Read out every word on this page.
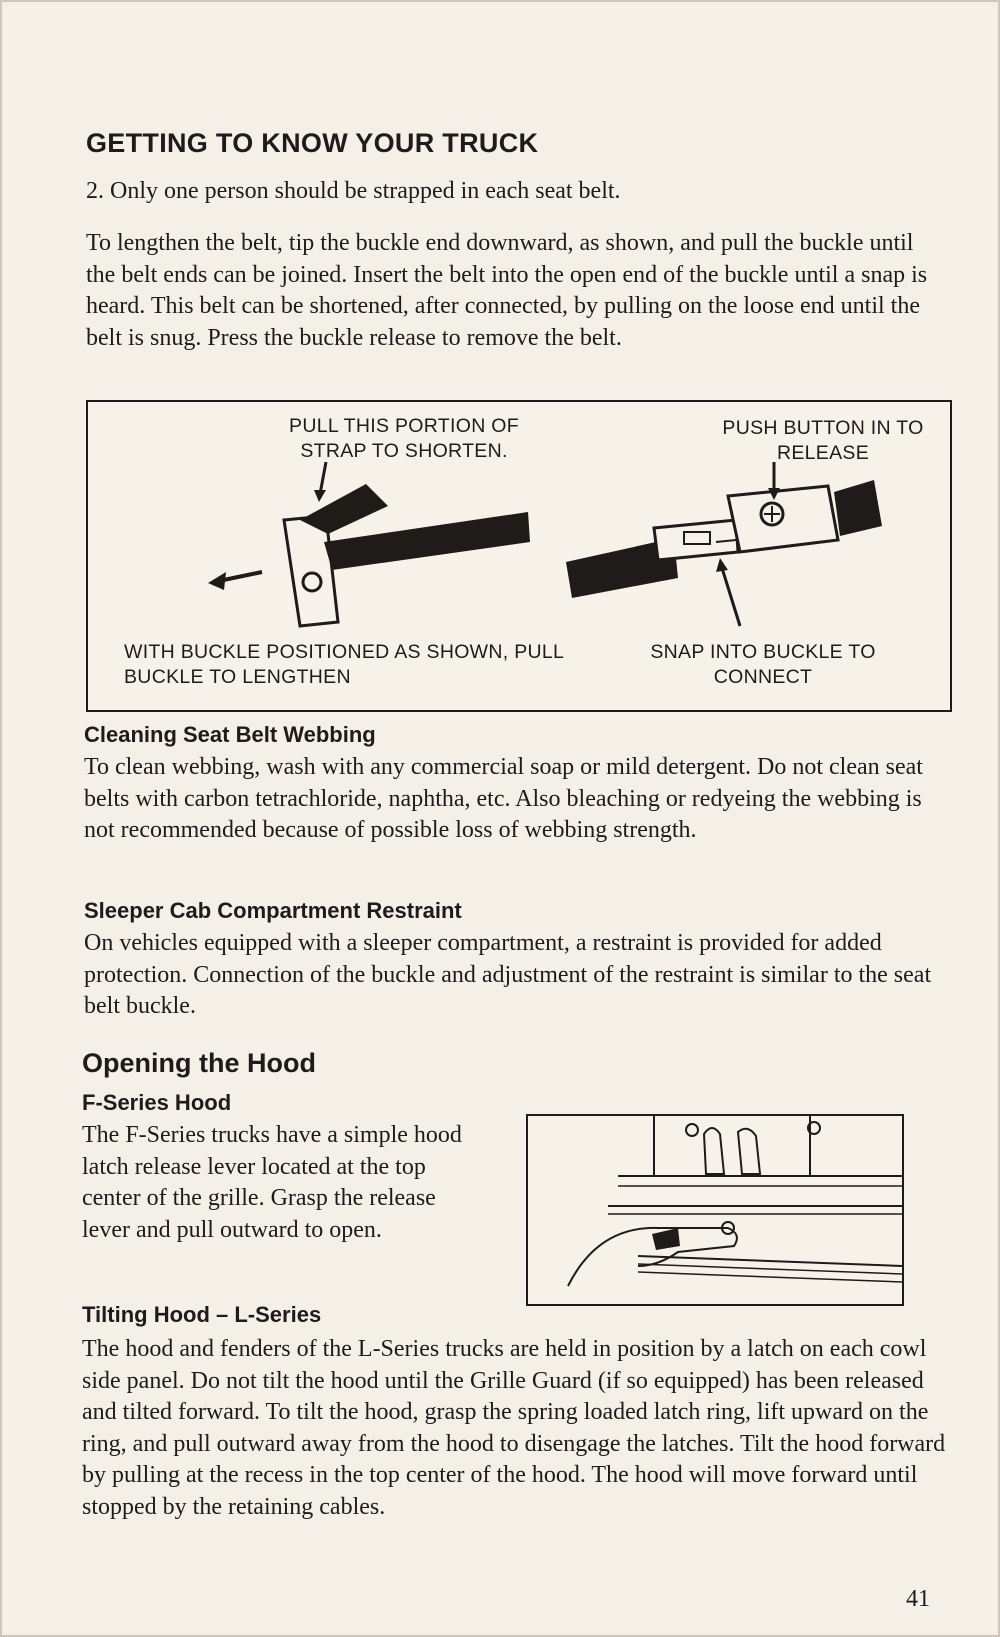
GETTING TO KNOW YOUR TRUCK
2. Only one person should be strapped in each seat belt.
To lengthen the belt, tip the buckle end downward, as shown, and pull the buckle until the belt ends can be joined. Insert the belt into the open end of the buckle until a snap is heard. This belt can be shortened, after connected, by pulling on the loose end until the belt is snug. Press the buckle release to remove the belt.
PULL THIS PORTION OF STRAP TO SHORTEN.
PUSH BUTTON IN TO RELEASE
WITH BUCKLE POSITIONED AS SHOWN, PULL BUCKLE TO LENGTHEN
SNAP INTO BUCKLE TO CONNECT
Cleaning Seat Belt Webbing
To clean webbing, wash with any commercial soap or mild detergent. Do not clean seat belts with carbon tetrachloride, naphtha, etc. Also bleaching or redyeing the webbing is not recommended because of possible loss of webbing strength.
Sleeper Cab Compartment Restraint
On vehicles equipped with a sleeper compartment, a restraint is provided for added protection. Connection of the buckle and adjustment of the restraint is similar to the seat belt buckle.
Opening the Hood
F-Series Hood
The F-Series trucks have a simple hood latch release lever located at the top center of the grille. Grasp the release lever and pull outward to open.
Tilting Hood – L-Series
The hood and fenders of the L-Series trucks are held in position by a latch on each cowl side panel. Do not tilt the hood until the Grille Guard (if so equipped) has been released and tilted forward. To tilt the hood, grasp the spring loaded latch ring, lift upward on the ring, and pull outward away from the hood to disengage the latches. Tilt the hood forward by pulling at the recess in the top center of the hood. The hood will move forward until stopped by the retaining cables.
41
